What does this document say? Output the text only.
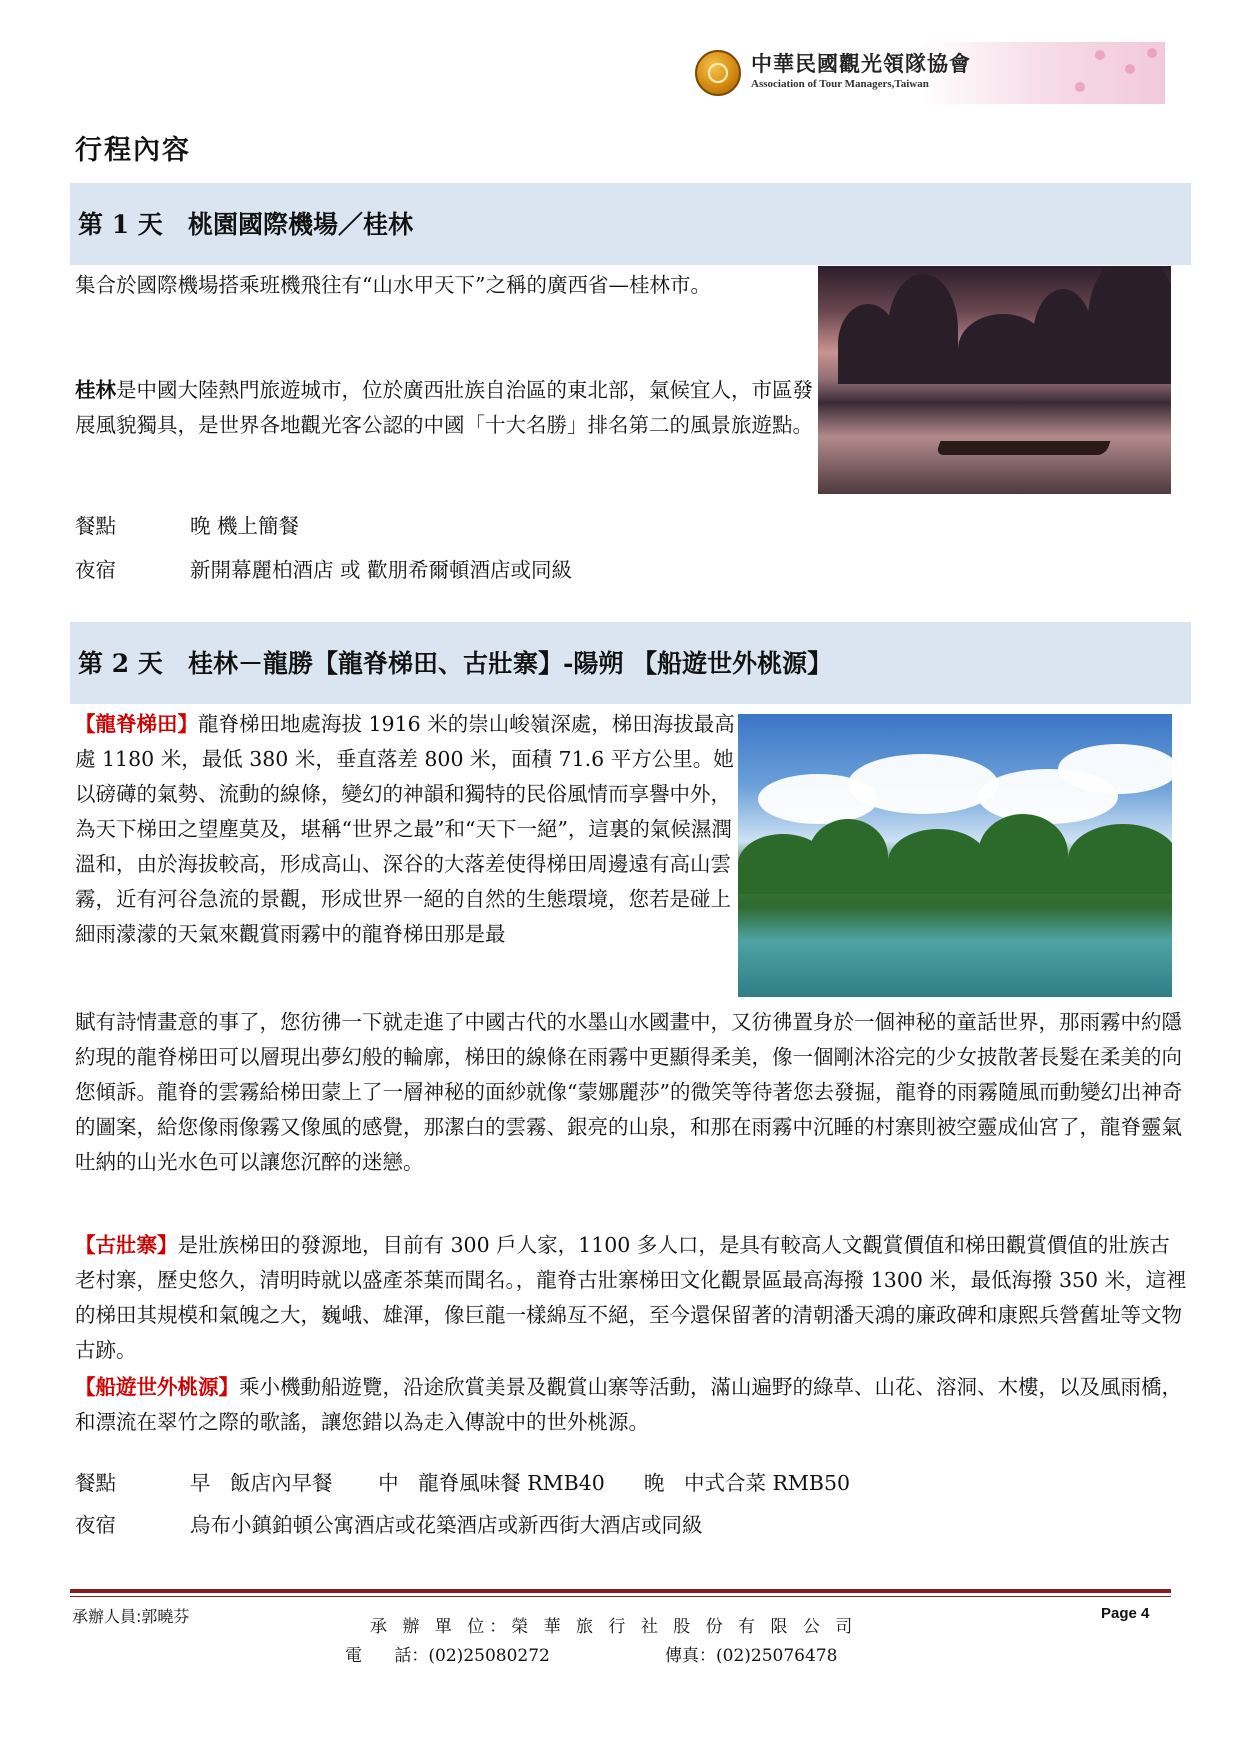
中華民國觀光領隊協會
Association of Tour Managers,Taiwan
行程內容
第 1 天 桃園國際機場／桂林
集合於國際機場搭乘班機飛往有“山水甲天下”之稱的廣西省—桂林市。
桂林是中國大陸熱門旅遊城市，位於廣西壯族自治區的東北部，氣候宜人，市區發展風貌獨具，是世界各地觀光客公認的中國「十大名勝」排名第二的風景旅遊點。
餐點	晚 機上簡餐
夜宿	新開幕麗柏酒店 或 歡朋希爾頓酒店或同級
第 2 天 桂林－龍勝【龍脊梯田、古壯寨】-陽朔 【船遊世外桃源】
【龍脊梯田】龍脊梯田地處海拔 1916 米的崇山峻嶺深處，梯田海拔最高處 1180 米，最低 380 米，垂直落差 800 米，面積 71.6 平方公里。她以磅礡的氣勢、流動的線條，變幻的神韻和獨特的民俗風情而享譽中外，為天下梯田之望塵莫及，堪稱“世界之最”和“天下一絕”，這裏的氣候濕潤溫和，由於海拔較高，形成高山、深谷的大落差使得梯田周邊遠有高山雲霧，近有河谷急流的景觀，形成世界一絕的自然的生態環境，您若是碰上細雨濛濛的天氣來觀賞雨霧中的龍脊梯田那是最
賦有詩情畫意的事了，您彷彿一下就走進了中國古代的水墨山水國畫中，又彷彿置身於一個神秘的童話世界，那雨霧中約隱約現的龍脊梯田可以層現出夢幻般的輪廓，梯田的線條在雨霧中更顯得柔美，像一個剛沐浴完的少女披散著長髮在柔美的向您傾訴。龍脊的雲霧給梯田蒙上了一層神秘的面紗就像“蒙娜麗莎”的微笑等待著您去發掘，龍脊的雨霧隨風而動變幻出神奇的圖案，給您像雨像霧又像風的感覺，那潔白的雲霧、銀亮的山泉，和那在雨霧中沉睡的村寨則被空靈成仙宮了，龍脊靈氣吐納的山光水色可以讓您沉醉的迷戀。
【古壯寨】是壯族梯田的發源地，目前有 300 戶人家，1100 多人口，是具有較高人文觀賞價值和梯田觀賞價值的壯族古老村寨，歷史悠久，清明時就以盛產茶葉而聞名。，龍脊古壯寨梯田文化觀景區最高海撥 1300 米，最低海撥 350 米，這裡的梯田其規模和氣魄之大，巍峨、雄渾，像巨龍一樣綿亙不絕，至今還保留著的清朝潘天鴻的廉政碑和康熙兵營舊址等文物古跡。
【船遊世外桃源】乘小機動船遊覽，沿途欣賞美景及觀賞山寨等活動，滿山遍野的綠草、山花、溶洞、木樓，以及風雨橋，和漂流在翠竹之際的歌謠，讓您錯以為走入傳說中的世外桃源。
餐點	早   飯店內早餐       中   龍脊風味餐 RMB40      晚   中式合菜 RMB50
夜宿	烏布小鎮鉑頓公寓酒店或花築酒店或新西街大酒店或同級
承辦人員:郭曉芬
承 辦 單 位：榮 華 旅 行 社 股 份 有 限 公 司
電      話：(02)25080272	傳真：(02)25076478
Page 4
